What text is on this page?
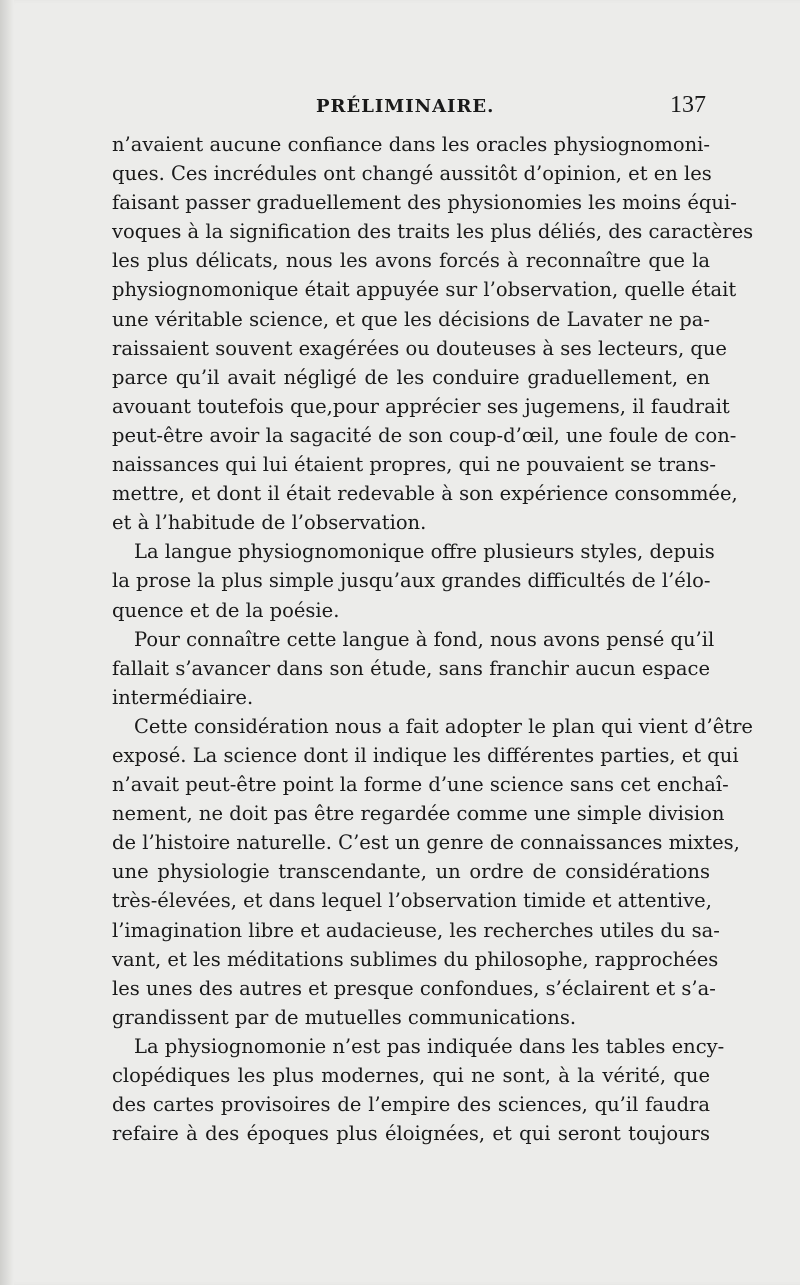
PRÉLIMINAIRE.	137
n’avaient aucune confiance dans les oracles physiognomoni-
ques. Ces incrédules ont changé aussitôt d’opinion, et en les
faisant passer graduellement des physionomies les moins équi-
voques à la signification des traits les plus déliés, des caractères
les plus délicats, nous les avons forcés à reconnaître que la
physiognomonique était appuyée sur l’observation, quelle était
une véritable science, et que les décisions de Lavater ne pa-
raissaient souvent exagérées ou douteuses à ses lecteurs, que
parce qu’il avait négligé de les conduire graduellement, en
avouant toutefois que,pour apprécier ses jugemens, il faudrait
peut-être avoir la sagacité de son coup-d’œil, une foule de con-
naissances qui lui étaient propres, qui ne pouvaient se trans-
mettre, et dont il était redevable à son expérience consommée,
et à l’habitude de l’observation.
La langue physiognomonique offre plusieurs styles, depuis
la prose la plus simple jusqu’aux grandes difficultés de l’élo-
quence et de la poésie.
Pour connaître cette langue à fond, nous avons pensé qu’il
fallait s’avancer dans son étude, sans franchir aucun espace
intermédiaire.
Cette considération nous a fait adopter le plan qui vient d’être
exposé. La science dont il indique les différentes parties, et qui
n’avait peut-être point la forme d’une science sans cet enchaî-
nement, ne doit pas être regardée comme une simple division
de l’histoire naturelle. C’est un genre de connaissances mixtes,
une physiologie transcendante, un ordre de considérations
très-élevées, et dans lequel l’observation timide et attentive,
l’imagination libre et audacieuse, les recherches utiles du sa-
vant, et les méditations sublimes du philosophe, rapprochées
les unes des autres et presque confondues, s’éclairent et s’a-
grandissent par de mutuelles communications.
La physiognomonie n’est pas indiquée dans les tables ency-
clopédiques les plus modernes, qui ne sont, à la vérité, que
des cartes provisoires de l’empire des sciences, qu’il faudra
refaire à des époques plus éloignées, et qui seront toujours
